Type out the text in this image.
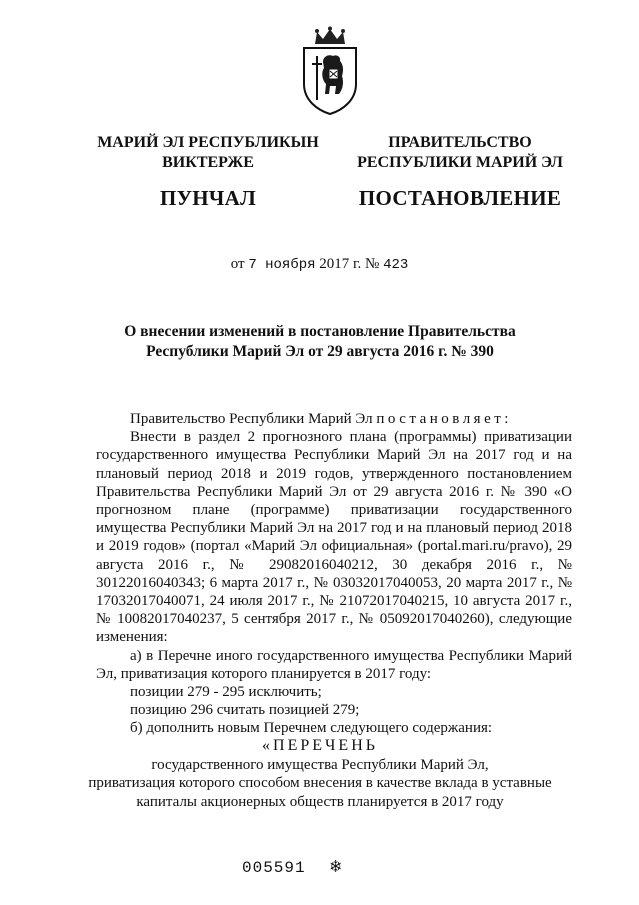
МАРИЙ ЭЛ РЕСПУБЛИКЫН
ВИКТЕРЖЕ
ПУНЧАЛ
ПРАВИТЕЛЬСТВО
РЕСПУБЛИКИ МАРИЙ ЭЛ
ПОСТАНОВЛЕНИЕ
от 7 ноября 2017 г. № 423
О внесении изменений в постановление Правительства
Республики Марий Эл от 29 августа 2016 г. № 390

Правительство Республики Марий Эл постановляет:

Внести в раздел 2 прогнозного плана (программы) приватизации государственного имущества Республики Марий Эл на 2017 год и на плановый период 2018 и 2019 годов, утвержденного постановлением Правительства Республики Марий Эл от 29 августа 2016 г. № 390 «О прогнозном плане (программе) приватизации государственного имущества Республики Марий Эл на 2017 год и на плановый период 2018 и 2019 годов» (портал «Марий Эл официальная» (portal.mari.ru/pravo), 29 августа 2016 г., № 29082016040212, 30 декабря 2016 г., № 30122016040343; 6 марта 2017 г., № 03032017040053, 20 марта 2017 г., № 17032017040071, 24 июля 2017 г., № 21072017040215, 10 августа 2017 г., № 10082017040237, 5 сентября 2017 г., № 05092017040260), следующие изменения:

а) в Перечне иного государственного имущества Республики Марий Эл, приватизация которого планируется в 2017 году:

позиции 279 - 295 исключить;

позицию 296 считать позицией 279;

б) дополнить новым Перечнем следующего содержания:

«ПЕРЕЧЕНЬ
государственного имущества Республики Марий Эл,
приватизация которого способом внесения в качестве вклада в уставные
капиталы акционерных обществ планируется в 2017 году
005591 ❄
